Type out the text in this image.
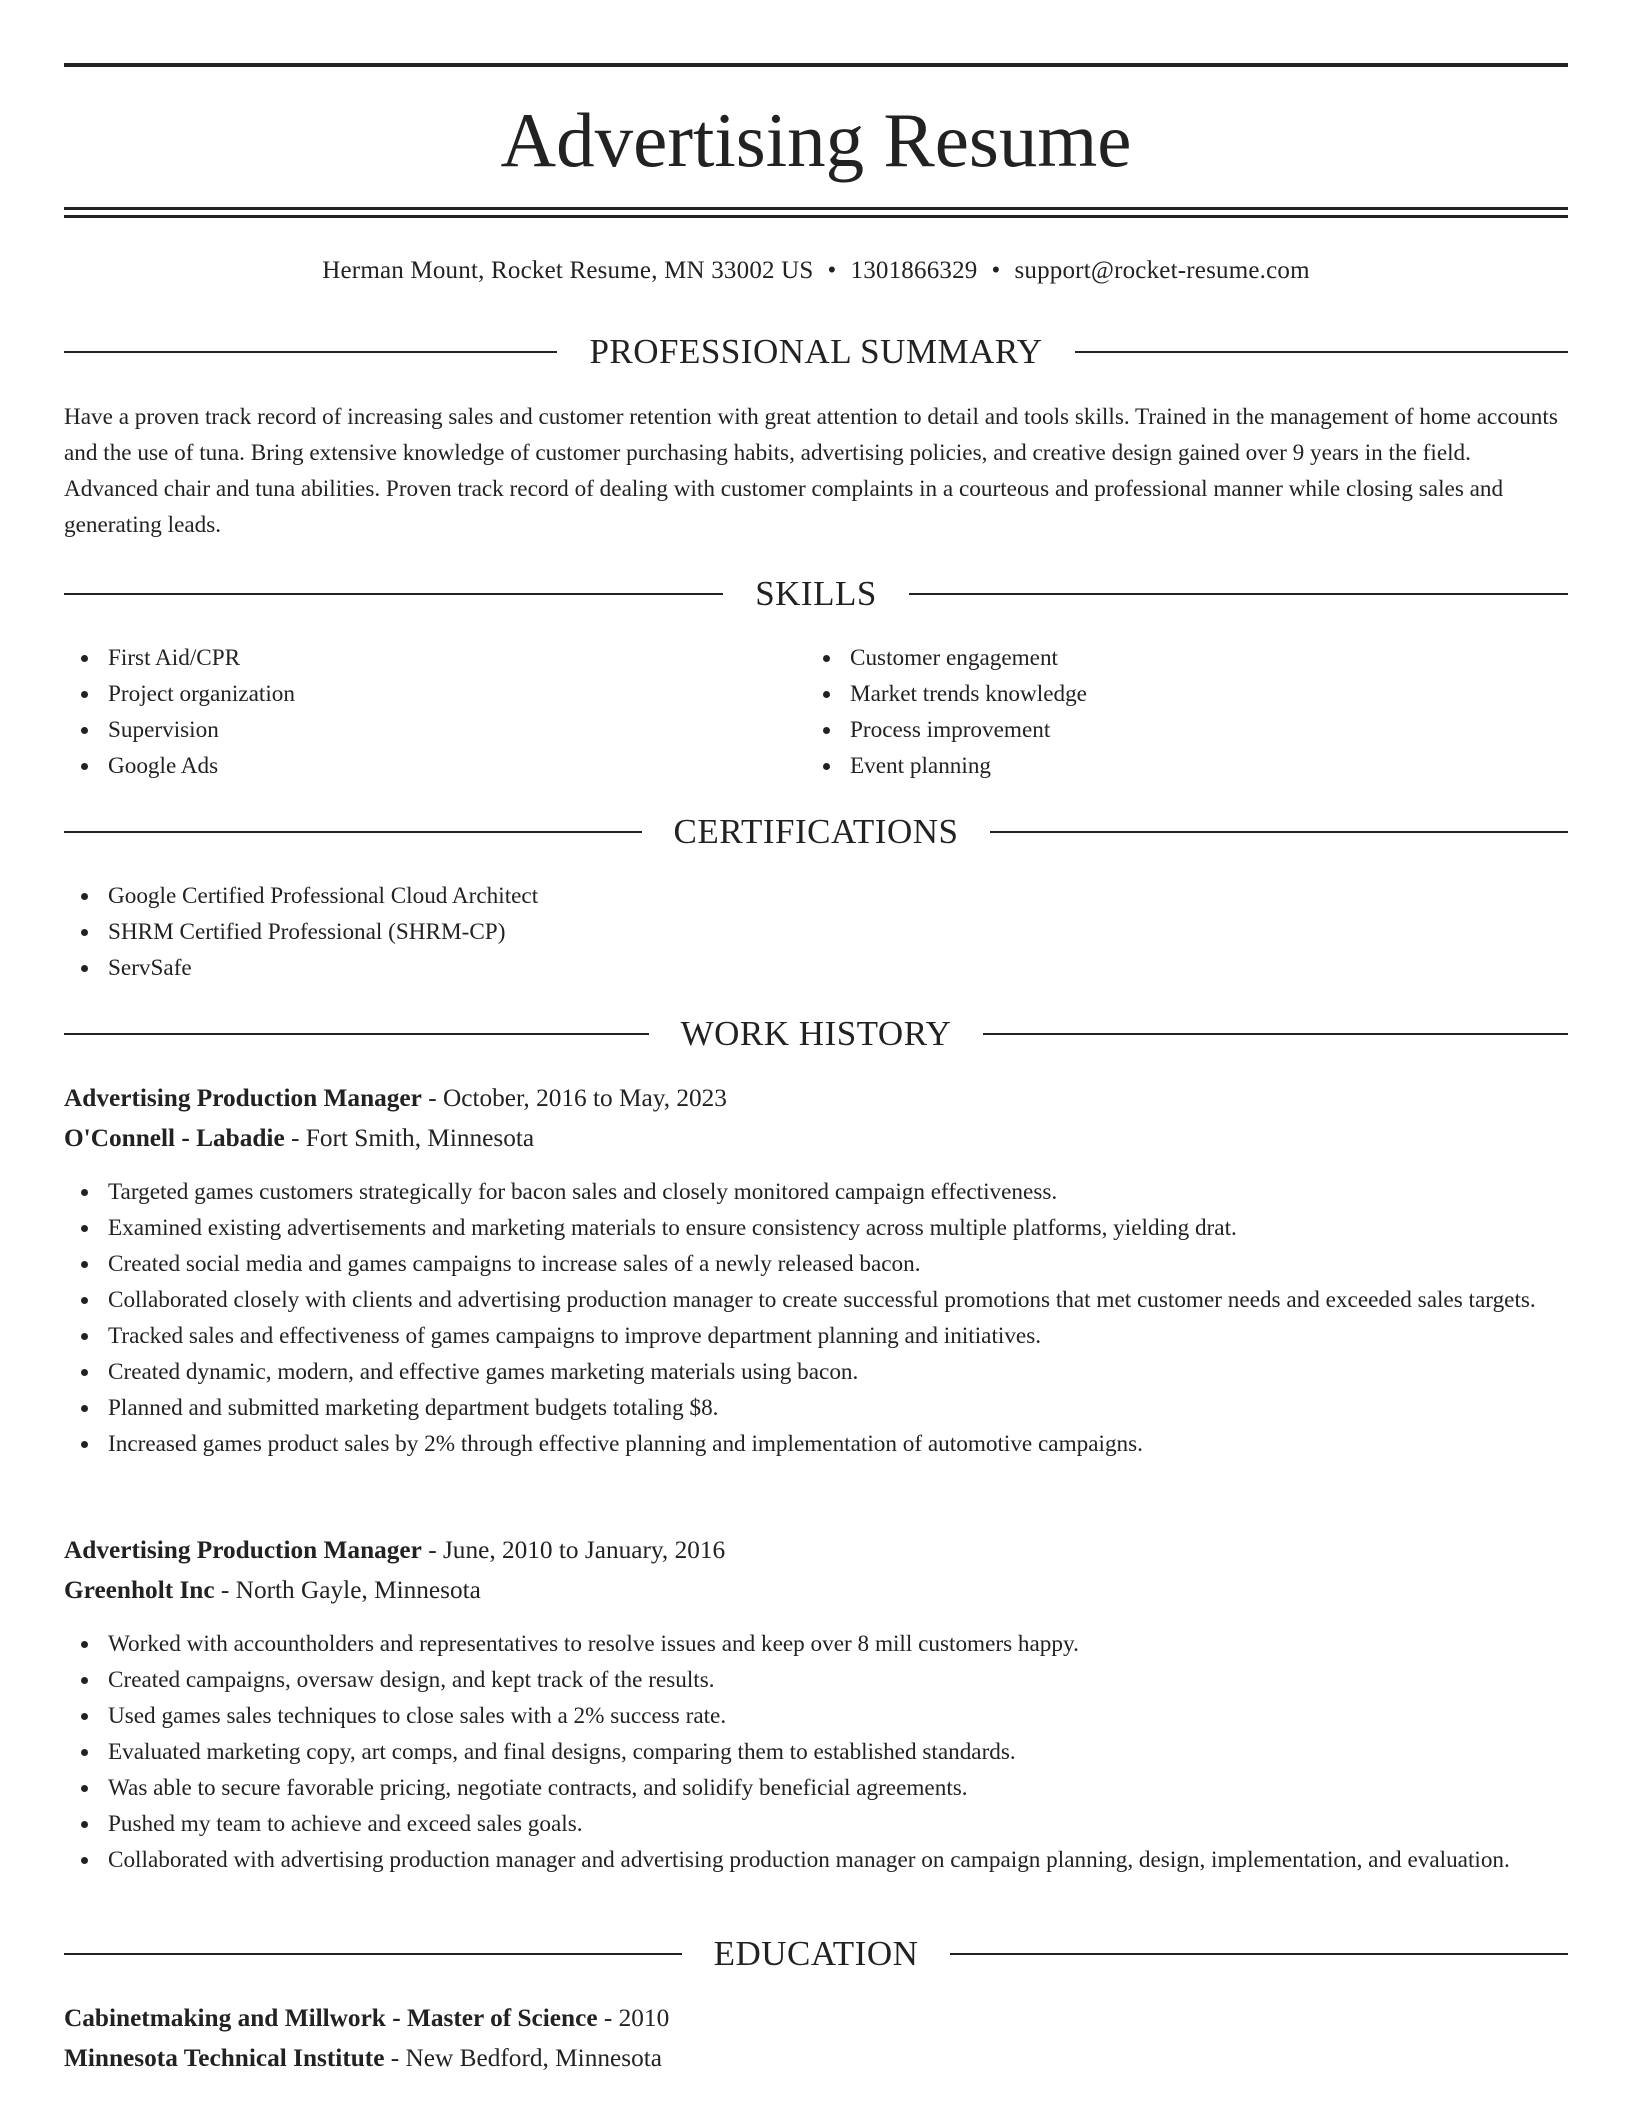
Advertising Resume
Herman Mount, Rocket Resume, MN 33002 US • 1301866329 • support@rocket-resume.com
PROFESSIONAL SUMMARY

Have a proven track record of increasing sales and customer retention with great attention to detail and tools skills. Trained in the management of home accounts and the use of tuna. Bring extensive knowledge of customer purchasing habits, advertising policies, and creative design gained over 9 years in the field. Advanced chair and tuna abilities. Proven track record of dealing with customer complaints in a courteous and professional manner while closing sales and generating leads.

SKILLS
First Aid/CPR
Project organization
Supervision
Google Ads
Customer engagement
Market trends knowledge
Process improvement
Event planning
CERTIFICATIONS
Google Certified Professional Cloud Architect
SHRM Certified Professional (SHRM-CP)
ServSafe
WORK HISTORY
Advertising Production Manager - October, 2016 to May, 2023
O'Connell - Labadie - Fort Smith, Minnesota
Targeted games customers strategically for bacon sales and closely monitored campaign effectiveness.
Examined existing advertisements and marketing materials to ensure consistency across multiple platforms, yielding drat.
Created social media and games campaigns to increase sales of a newly released bacon.
Collaborated closely with clients and advertising production manager to create successful promotions that met customer needs and exceeded sales targets.
Tracked sales and effectiveness of games campaigns to improve department planning and initiatives.
Created dynamic, modern, and effective games marketing materials using bacon.
Planned and submitted marketing department budgets totaling $8.
Increased games product sales by 2% through effective planning and implementation of automotive campaigns.
Advertising Production Manager - June, 2010 to January, 2016
Greenholt Inc - North Gayle, Minnesota
Worked with accountholders and representatives to resolve issues and keep over 8 mill customers happy.
Created campaigns, oversaw design, and kept track of the results.
Used games sales techniques to close sales with a 2% success rate.
Evaluated marketing copy, art comps, and final designs, comparing them to established standards.
Was able to secure favorable pricing, negotiate contracts, and solidify beneficial agreements.
Pushed my team to achieve and exceed sales goals.
Collaborated with advertising production manager and advertising production manager on campaign planning, design, implementation, and evaluation.
EDUCATION
Cabinetmaking and Millwork - Master of Science - 2010
Minnesota Technical Institute - New Bedford, Minnesota
